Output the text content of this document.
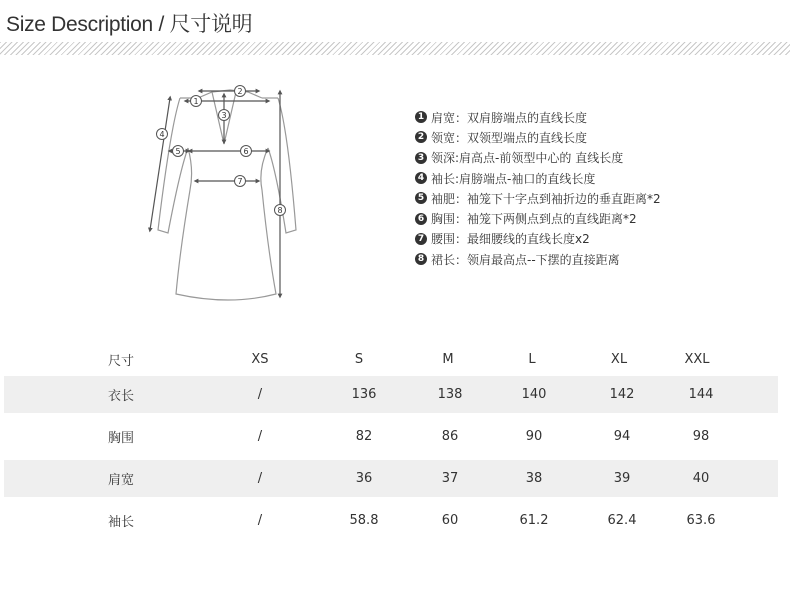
Size Description / 尺寸说明
1
2
3
4
5	6
7
8
1 肩宽：双肩膀端点的直线长度
2 领宽：双领型端点的直线长度
3 领深:肩高点-前领型中心的 直线长度
4 袖长:肩膀端点-袖口的直线长度
5 袖肥：袖笼下十字点到袖折边的垂直距离*2
6 胸围：袖笼下两侧点到点的直线距离*2
7 腰围：最细腰线的直线长度x2
8 裙长：领肩最高点--下摆的直接距离
尺寸	XS	S	M	L	XL	XXL
衣长	/	136	138	140	142	144
胸围	/	82	86	90	94	98
肩宽	/	36	37	38	39	40
袖长	/	58.8	60	61.2	62.4	63.6
